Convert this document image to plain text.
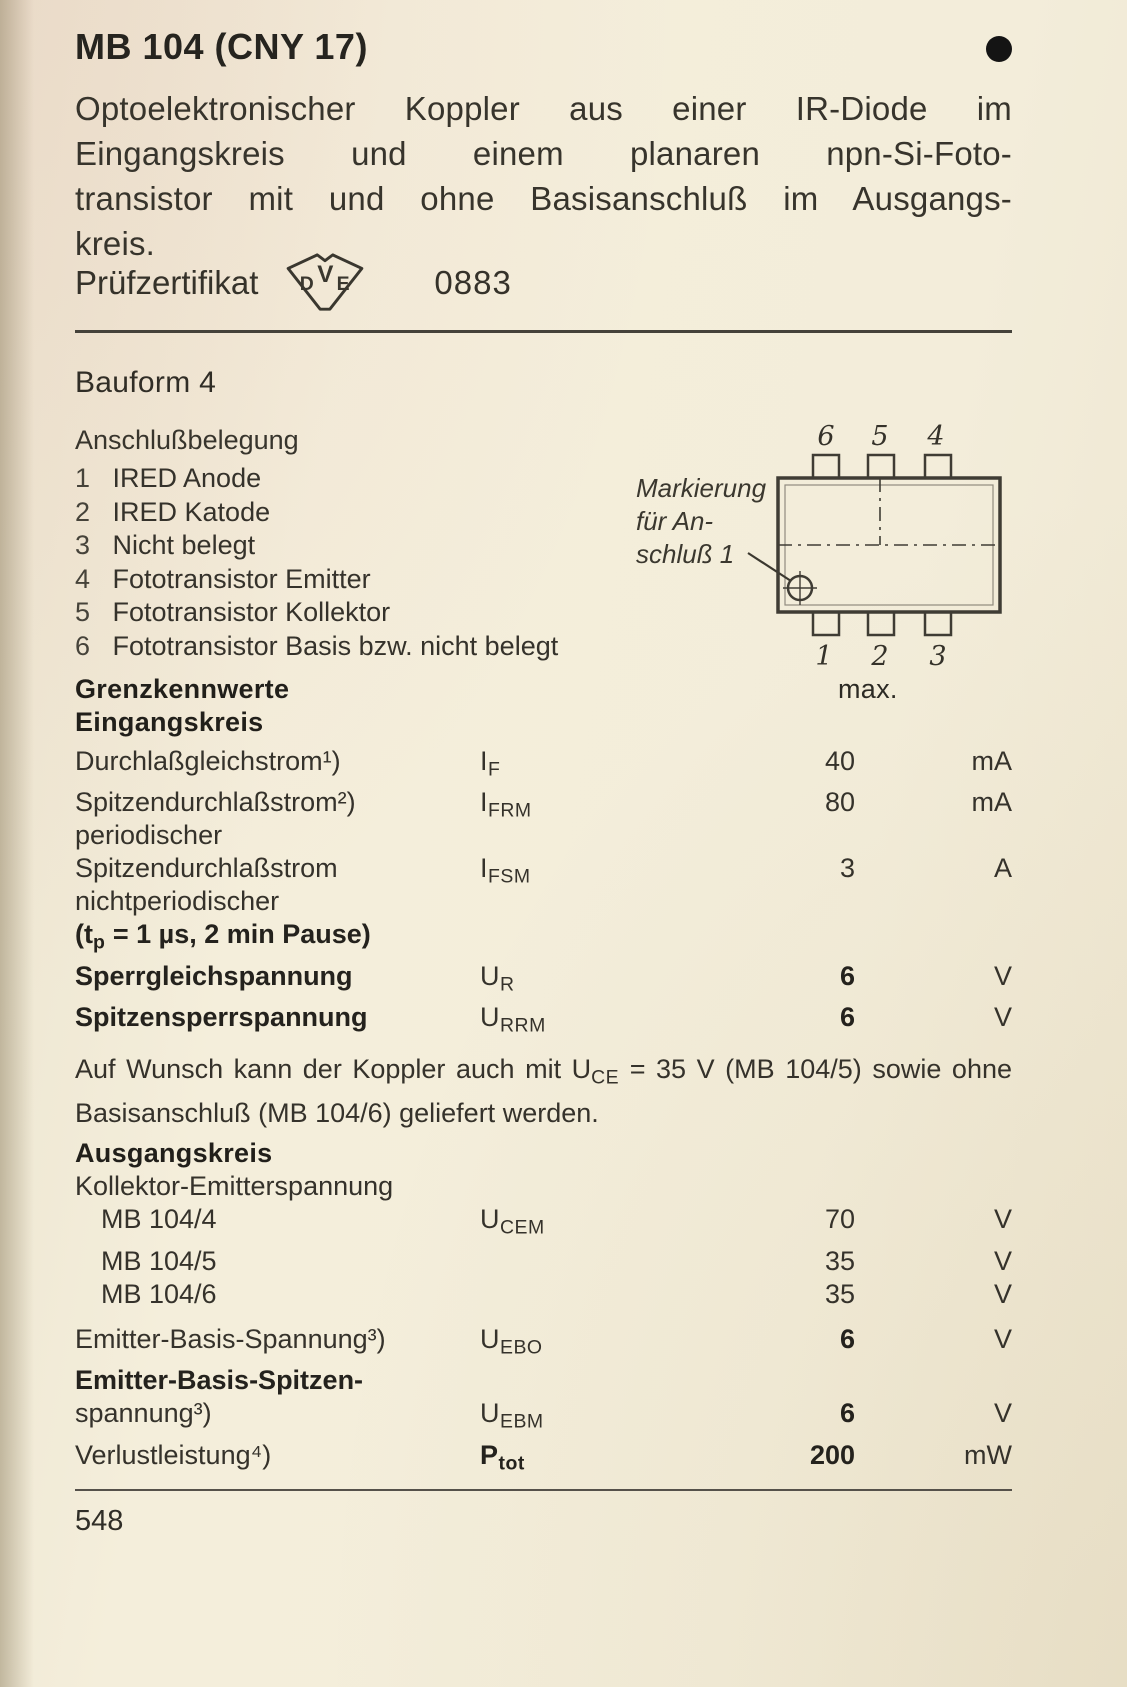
MB 104 (CNY 17)

Optoelektronischer Koppler aus einer IR-Diode im
Eingangskreis und einem planaren npn-Si-Foto-
transistor mit und ohne Basisanschluß im Ausgangs-
kreis.

Prüfzertifikat D V E	0883
Bauform 4
Anschlußbelegung
1 IRED Anode
2 IRED Katode
3 Nicht belegt
4 Fototransistor Emitter
5 Fototransistor Kollektor
6 Fototransistor Basis bzw. nicht belegt
Markierung
für An-
schluß 1
6 5 4
1 2 3
Grenzkennwerte	max.
Eingangskreis
Durchlaßgleichstrom¹)	$I_F$	40	mA
Spitzendurchlaßstrom²)
periodischer
$I_{FRM}$	80	mA
Spitzendurchlaßstrom
nichtperiodischer
($t_p = 1$ µs, 2 min Pause)
$I_{FSM}$	3	A
Sperrgleichspannung	$U_R$	6	V
Spitzensperrspannung	$U_{RRM}$	6	V
Auf Wunsch kann der Koppler auch mit $U_{CE} = 35$ V (MB 104/5) sowie ohne
Basisanschluß (MB 104/6) geliefert werden.
Ausgangskreis
Kollektor-Emitterspannung
MB 104/4	$U_{CEM}$	70	V
MB 104/5	35	V
MB 104/6	35	V
Emitter-Basis-Spannung³)	$U_{EBO}$	6	V
Emitter-Basis-Spitzen-
spannung³)	$U_{EBM}$	6	V
Verlustleistung⁴)	$P_{tot}$	200	mW
548
